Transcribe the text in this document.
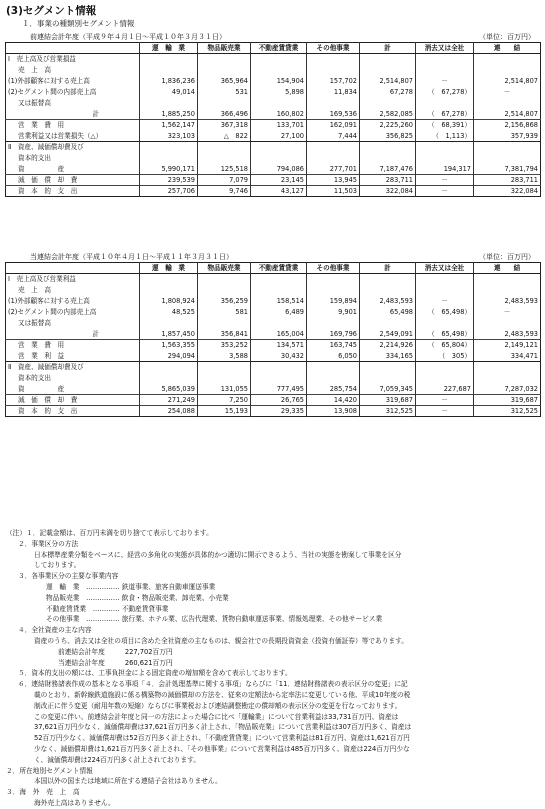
(3)セグメント情報
１．事業の種類別セグメント情報
前連結会計年度（平成９年４月１日～平成１０年３月３１日）	（単位：百万円）
	運　輸　業	物品販売業	不動産賃貸業	その他事業	計	消去又は全社	連　　結
Ⅰ　売上高及び営業損益							
売　上　高							
(1)外部顧客に対する売上高	1,836,236	365,964	154,904	157,702	2,514,807	－	2,514,807
(2)セグメント間の内部売上高	49,014	531	5,898	11,834	67,278	（　67,278）	－
又は振替高							
計	1,885,250	366,496	160,802	169,536	2,582,085	（　67,278）	2,514,807
営　業　費　用	1,562,147	367,318	133,701	162,091	2,225,260	（　68,391）	2,156,868
営業利益又は営業損失（△）	323,103	△　822	27,100	7,444	356,825	（　1,113）	357,939
Ⅱ　資産、減価償却費及び							
資本的支出							
資　　　　　産	5,990,171	125,518	794,086	277,701	7,187,476	194,317	7,381,794
減　価　償　却　費	239,539	7,079	23,145	13,945	283,711	－	283,711
資　本　的　支　出	257,706	9,746	43,127	11,503	322,084	－	322,084
当連結会計年度（平成１０年４月１日～平成１１年３月３１日）	（単位：百万円）
	運　輸　業	物品販売業	不動産賃貸業	その他事業	計	消去又は全社	連　　結
Ⅰ　売上高及び営業利益							
売　上　高							
(1)外部顧客に対する売上高	1,808,924	356,259	158,514	159,894	2,483,593	－	2,483,593
(2)セグメント間の内部売上高	48,525	581	6,489	9,901	65,498	（　65,498）	－
又は振替高							
計	1,857,450	356,841	165,004	169,796	2,549,091	（　65,498）	2,483,593
営　業　費　用	1,563,355	353,252	134,571	163,745	2,214,926	（　65,804）	2,149,121
営　業　利　益	294,094	3,588	30,432	6,050	334,165	（　305）	334,471
Ⅱ　資産、減価償却費及び							
資本的支出							
資　　　　　産	5,865,039	131,055	777,495	285,754	7,059,345	227,687	7,287,032
減　価　償　却　費	271,249	7,250	26,765	14,420	319,687	－	319,687
資　本　的　支　出	254,088	15,193	29,335	13,908	312,525	－	312,525
（注）１．記載金額は、百万円未満を切り捨てて表示しております。
２．事業区分の方法
日本標準産業分類をベースに、経営の多角化の実態が具体的かつ適切に開示できるよう、当社の実態を勘案して事業を区分
しております。
３．各事業区分の主要な事業内容
運　輸　業　…………… 鉄道事業、旅客自動車運送事業
物品販売業　…………… 飲食・物品販売業、卸売業、小売業
不動産賃貸業　………… 不動産賃貸事業
その他事業　…………… 旅行業、ホテル業、広告代理業、貨物自動車運送事業、情報処理業、その他サービス業
４．全社資産の主な内容
資産のうち、消去又は全社の項目に含めた全社資産の主なものは、親会社での長期投資資金（投資有価証券）等であります。
前連結会計年度　　　227,702百万円
当連結会計年度　　　260,621百万円
５．資本的支出の額には、工事負担金による固定資産の増加額を含めて表示しております。
６．連結財務諸表作成の基本となる事項「４．会計処理基準に関する事項」ならびに「11．連結財務諸表の表示区分の変更」に記
載のとおり、新幹線鉄道施設に係る構築物の減価償却の方法を、従来の定額法から定率法に変更している他、平成10年度の税
制改正に伴う変更（耐用年数の短縮）ならびに事業税および連結調整勘定の償却額の表示区分の変更を行なっております。
この変更に伴い、前連結会計年度と同一の方法によった場合に比べ「運輸業」について営業利益は33,731百万円、資産は
37,621百万円少なく、減価償却費は37,621百万円多く計上され、「物品販売業」について営業利益は307百万円多く、資産は
52百万円少なく、減価償却費は52百万円多く計上され、「不動産賃貸業」について営業利益は81百万円、資産は1,621百万円
少なく、減価償却費は1,621百万円多く計上され、「その他事業」について営業利益は485百万円多く、資産は224百万円少な
く、減価償却費は224百万円多く計上されております。
２．所在地別セグメント情報
本国以外の国または地域に所在する連結子会社はありません。
３．海　外　売　上　高
海外売上高はありません。
